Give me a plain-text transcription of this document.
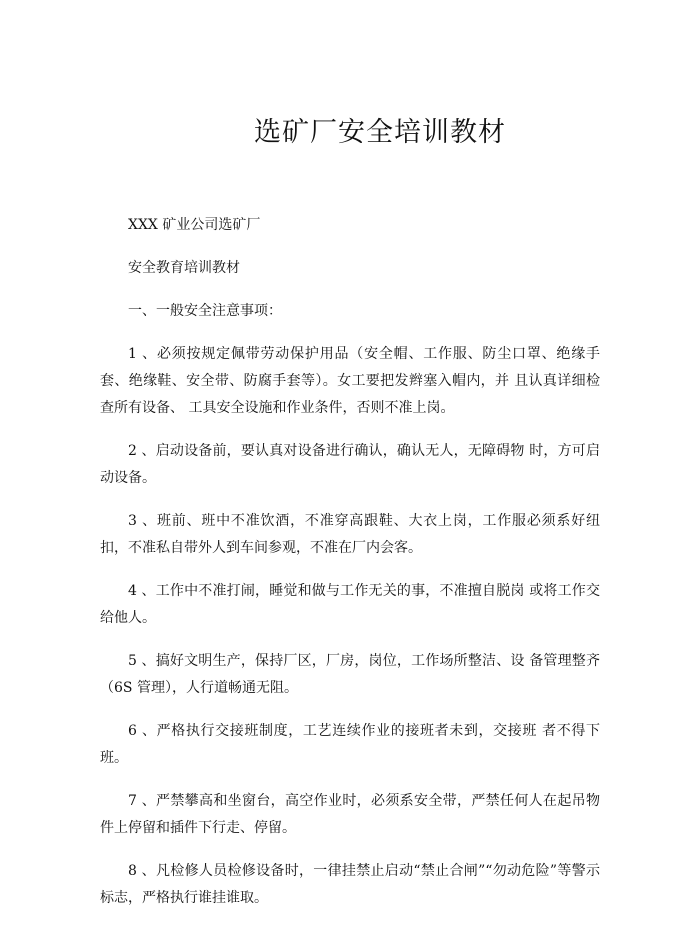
选矿厂安全培训教材

XXX 矿业公司选矿厂

安全教育培训教材

一、一般安全注意事项：

1 、必须按规定佩带劳动保护用品（安全帽、工作服、防尘口罩、绝缘手套、绝缘鞋、安全带、防腐手套等）。女工要把发辫塞入帽内，并 且认真详细检查所有设备、 工具安全设施和作业条件，否则不准上岗。

2 、启动设备前，要认真对设备进行确认，确认无人，无障碍物 时，方可启动设备。

3 、班前、班中不准饮酒，不准穿高跟鞋、大衣上岗，工作服必须系好纽扣，不准私自带外人到车间参观，不准在厂内会客。

4 、工作中不准打闹，睡觉和做与工作无关的事，不准擅自脱岗 或将工作交给他人。

5 、搞好文明生产，保持厂区，厂房，岗位，工作场所整洁、设 备管理整齐（6S 管理），人行道畅通无阻。

6 、严格执行交接班制度，工艺连续作业的接班者未到，交接班 者不得下班。

7 、严禁攀高和坐窗台，高空作业时，必须系安全带，严禁任何人在起吊物件上停留和插件下行走、停留。

8 、凡检修人员检修设备时，一律挂禁止启动“禁止合闸”“勿动危险”等警示标志，严格执行谁挂谁取。
